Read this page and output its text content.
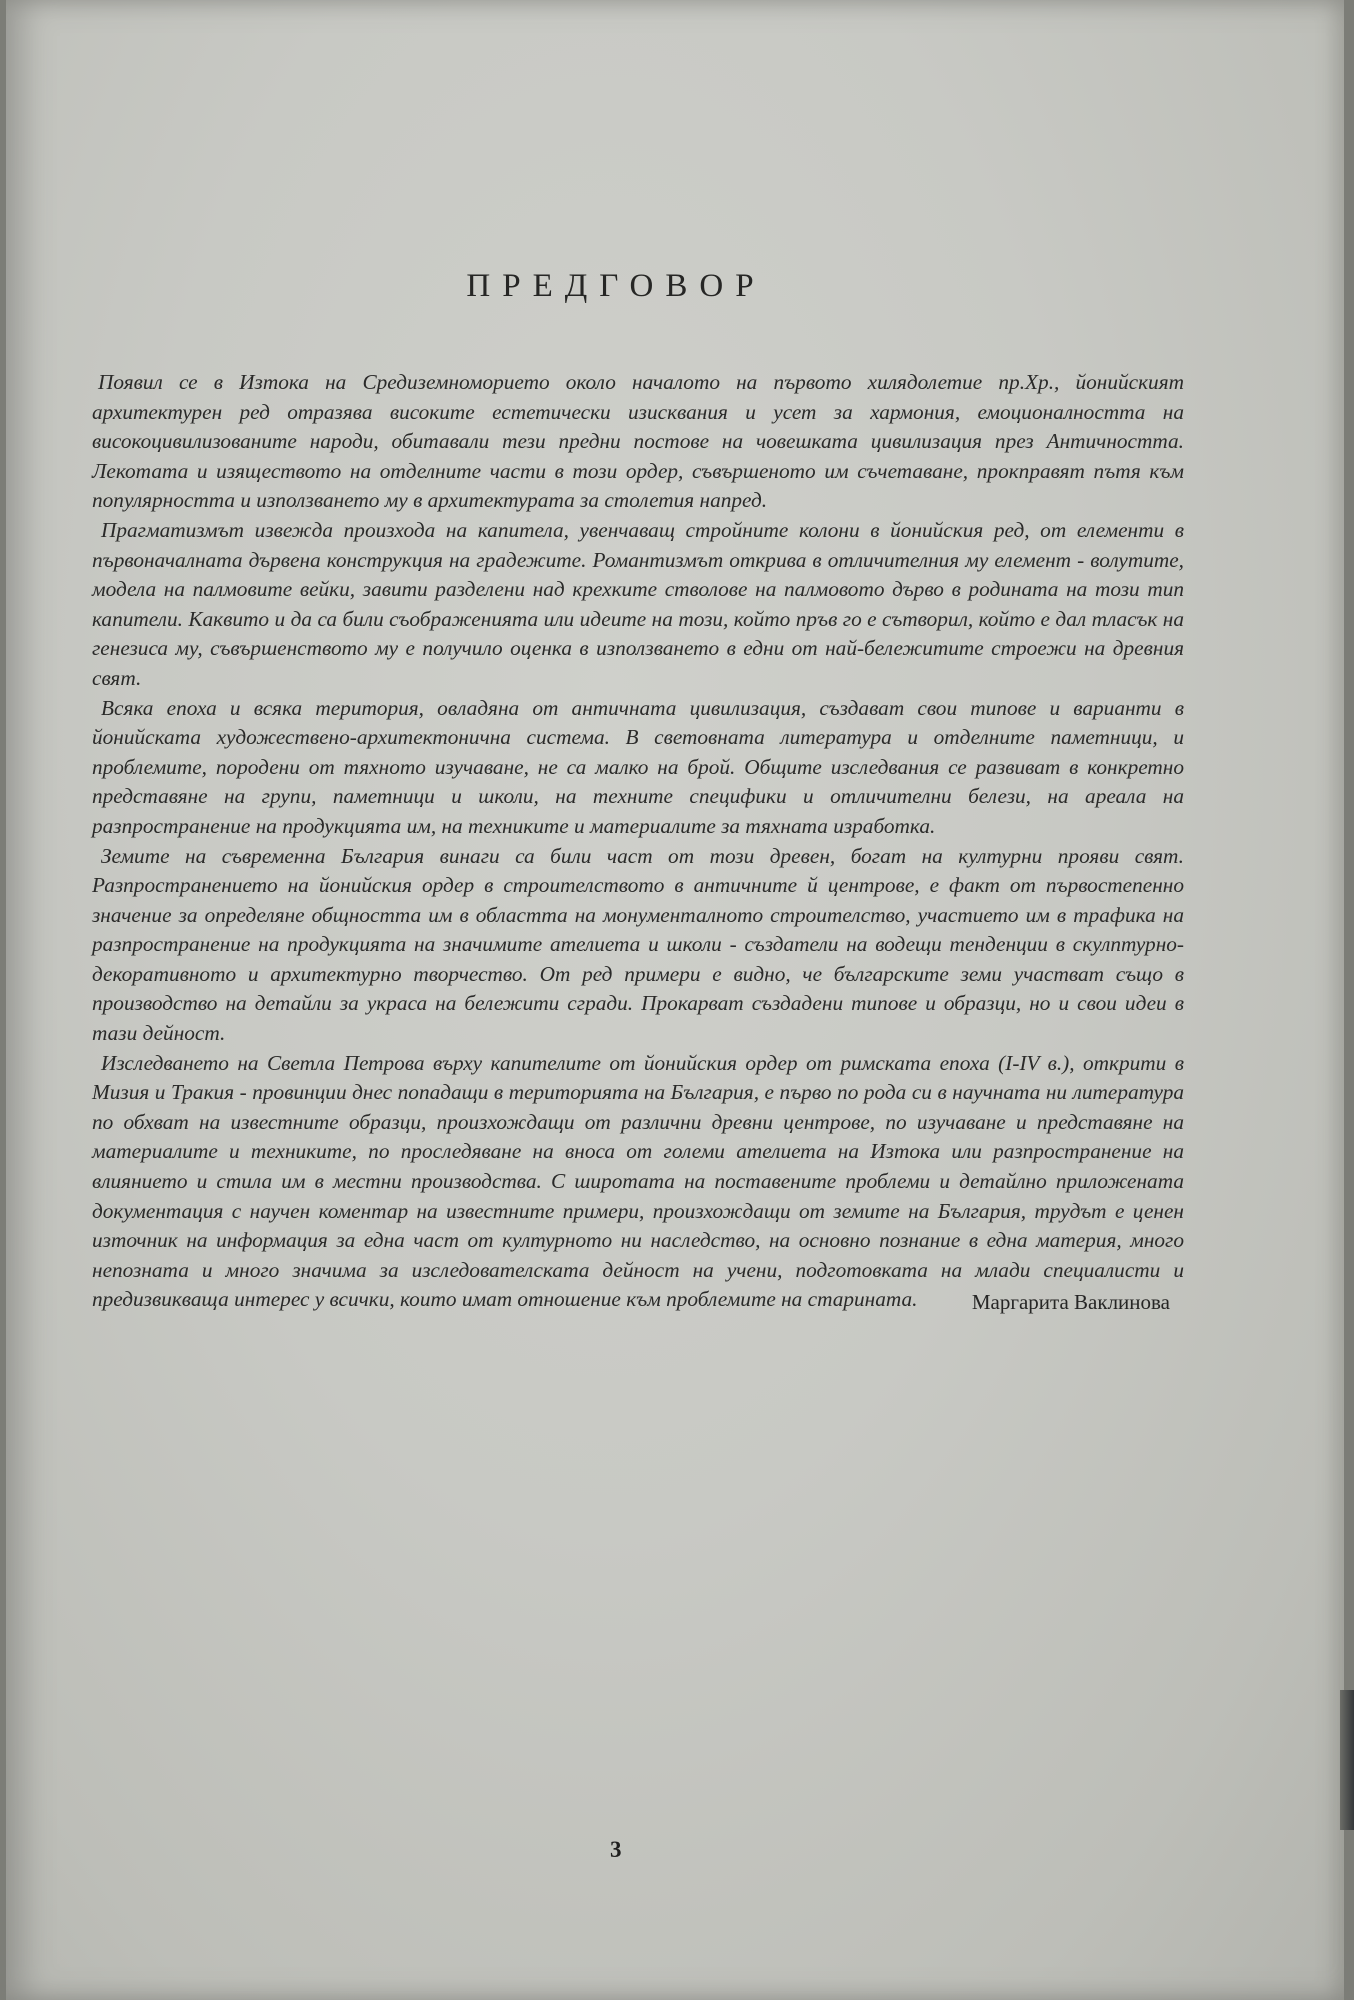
ПРЕДГОВОР

Появил се в Изтока на Средиземноморието около началото на първото хилядолетие пр.Хр., йонийският архитектурен ред отразява високите естетически изисквания и усет за хармония, емоционалността на високоцивилизованите народи, обитавали тези предни постове на човешката цивилизация през Античността. Лекотата и изяществото на отделните части в този ордер, съвършеното им съчетаване, прокправят пътя към популярността и използването му в архитектурата за столетия напред.

Прагматизмът извежда произхода на капитела, увенчаващ стройните колони в йонийския ред, от елементи в първоначалната дървена конструкция на градежите. Романтизмът открива в отличителния му елемент - волутите, модела на палмовите вейки, завити разделени над крехките стволове на палмовото дърво в родината на този тип капители. Каквито и да са били съображенията или идеите на този, който пръв го е сътворил, който е дал тласък на генезиса му, съвършенството му е получило оценка в използването в едни от най-бележитите строежи на древния свят.

Всяка епоха и всяка територия, овладяна от античната цивилизация, създават свои типове и варианти в йонийската художествено-архитектонична система. В световната литература и отделните паметници, и проблемите, породени от тяхното изучаване, не са малко на брой. Общите изследвания се развиват в конкретно представяне на групи, паметници и школи, на техните специфики и отличителни белези, на ареала на разпространение на продукцията им, на техниките и материалите за тяхната изработка.

Земите на съвременна България винаги са били част от този древен, богат на културни прояви свят. Разпространението на йонийския ордер в строителството в античните й центрове, е факт от първостепенно значение за определяне общността им в областта на монументалното строителство, участието им в трафика на разпространение на продукцията на значимите ателиета и школи - създатели на водещи тенденции в скулптурно-декоративното и архитектурно творчество. От ред примери е видно, че българските земи участват също в производство на детайли за украса на бележити сгради. Прокарват създадени типове и образци, но и свои идеи в тази дейност.

Изследването на Светла Петрова върху капителите от йонийския ордер от римската епоха (I-IV в.), открити в Мизия и Тракия - провинции днес попадащи в територията на България, е първо по рода си в научната ни литература по обхват на известните образци, произхождащи от различни древни центрове, по изучаване и представяне на материалите и техниките, по проследяване на вноса от големи ателиета на Изтока или разпространение на влиянието и стила им в местни производства. С широтата на поставените проблеми и детайлно приложената документация с научен коментар на известните примери, произхождащи от земите на България, трудът е ценен източник на информация за една част от културното ни наследство, на основно познание в една материя, много непозната и много значима за изследователската дейност на учени, подготовката на млади специалисти и предизвикваща интерес у всички, които имат отношение към проблемите на старината.	Маргарита Ваклинова
3
